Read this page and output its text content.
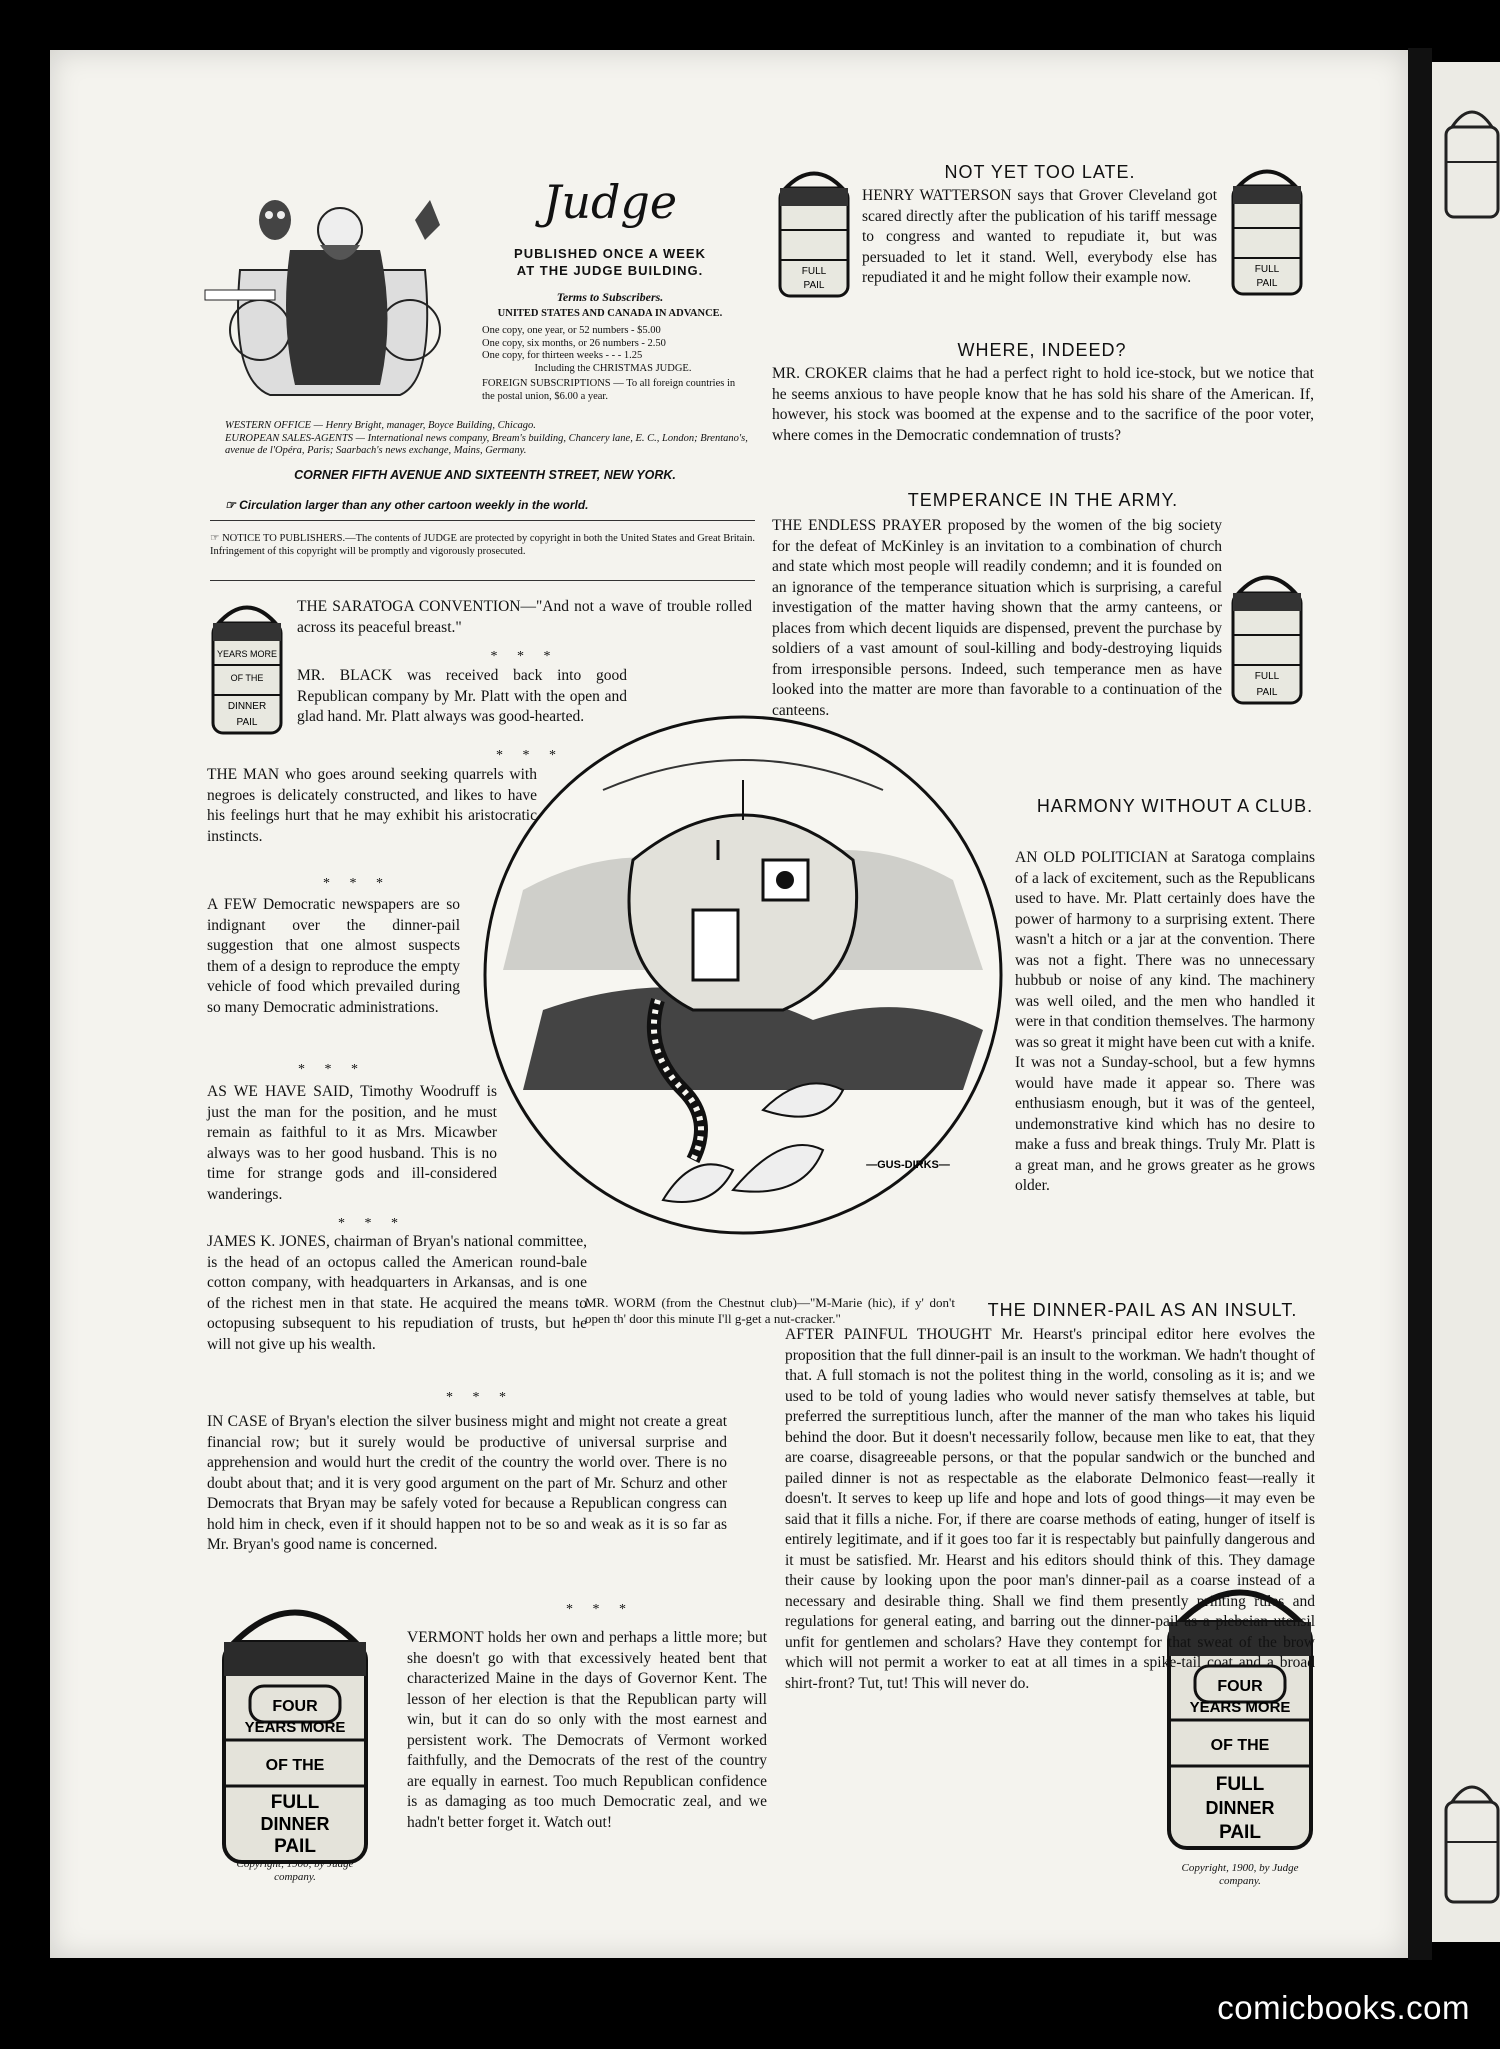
Judge
PUBLISHED ONCE A WEEK
AT THE JUDGE BUILDING.
Terms to Subscribers.
UNITED STATES AND CANADA IN ADVANCE.
One copy, one year, or 52 numbers - $5.00
One copy, six months, or 26 numbers - 2.50
One copy, for thirteen weeks - - - 1.25
Including the CHRISTMAS JUDGE.
FOREIGN SUBSCRIPTIONS — To all foreign countries in the postal union, $6.00 a year.
WESTERN OFFICE — Henry Bright, manager, Boyce Building, Chicago.
EUROPEAN SALES-AGENTS — International news company, Bream's building, Chancery lane, E. C., London; Brentano's, avenue de l'Opéra, Paris; Saarbach's news exchange, Mains, Germany.
CORNER FIFTH AVENUE AND SIXTEENTH STREET, NEW YORK.
☞ Circulation larger than any other cartoon weekly in the world.
☞ NOTICE TO PUBLISHERS.—The contents of JUDGE are protected by copyright in both the United States and Great Britain. Infringement of this copyright will be promptly and vigorously prosecuted.
YEARS MORE
OF THE
DINNER
PAIL
FULL
PAIL
FULL
PAIL
FULL
PAIL
FOUR
YEARS MORE
OF THE
FULL
DINNER
PAIL
Copyright, 1900, by Judge company.
FOUR
YEARS MORE
OF THE
FULL
DINNER
PAIL
Copyright, 1900, by Judge company.
—GUS-DIRKS—
MR. WORM (from the Chestnut club)—"M-Marie (hic), if y' don't open th' door this minute I'll g-get a nut-cracker."

THE SARATOGA CONVENTION—"And not a wave of trouble rolled across its peaceful breast."

* * *

MR. BLACK was received back into good Republican company by Mr. Platt with the open and glad hand. Mr. Platt always was good-hearted.

* * *

THE MAN who goes around seeking quarrels with negroes is delicately constructed, and likes to have his feelings hurt that he may exhibit his aristocratic instincts.

* * *

A FEW Democratic newspapers are so indignant over the dinner-pail suggestion that one almost suspects them of a design to reproduce the empty vehicle of food which prevailed during so many Democratic administrations.

* * *

AS WE HAVE SAID, Timothy Woodruff is just the man for the position, and he must remain as faithful to it as Mrs. Micawber always was to her good husband. This is no time for strange gods and ill-considered wanderings.

* * *

JAMES K. JONES, chairman of Bryan's national committee, is the head of an octopus called the American round-bale cotton company, with headquarters in Arkansas, and is one of the richest men in that state. He acquired the means to octopusing subsequent to his repudiation of trusts, but he will not give up his wealth.

* * *

IN CASE of Bryan's election the silver business might and might not create a great financial row; but it surely would be productive of universal surprise and apprehension and would hurt the credit of the country the world over. There is no doubt about that; and it is very good argument on the part of Mr. Schurz and other Democrats that Bryan may be safely voted for because a Republican congress can hold him in check, even if it should happen not to be so and weak as it is so far as Mr. Bryan's good name is concerned.

* * *

VERMONT holds her own and perhaps a little more; but she doesn't go with that excessively heated bent that characterized Maine in the days of Governor Kent. The lesson of her election is that the Republican party will win, but it can do so only with the most earnest and persistent work. The Democrats of Vermont worked faithfully, and the Democrats of the rest of the country are equally in earnest. Too much Republican confidence is as damaging as too much Democratic zeal, and we hadn't better forget it. Watch out!

NOT YET TOO LATE.

HENRY WATTERSON says that Grover Cleveland got scared directly after the publication of his tariff message to congress and wanted to repudiate it, but was persuaded to let it stand. Well, everybody else has repudiated it and he might follow their example now.

WHERE, INDEED?

MR. CROKER claims that he had a perfect right to hold ice-stock, but we notice that he seems anxious to have people know that he has sold his share of the American. If, however, his stock was boomed at the expense and to the sacrifice of the poor voter, where comes in the Democratic condemnation of trusts?

TEMPERANCE IN THE ARMY.

THE ENDLESS PRAYER proposed by the women of the big society for the defeat of McKinley is an invitation to a combination of church and state which most people will readily condemn; and it is founded on an ignorance of the temperance situation which is surprising, a careful investigation of the matter having shown that the army canteens, or places from which decent liquids are dispensed, prevent the purchase by soldiers of a vast amount of soul-killing and body-destroying liquids from irresponsible persons. Indeed, such temperance men as have looked into the matter are more than favorable to a continuation of the canteens.

HARMONY WITHOUT A CLUB.

AN OLD POLITICIAN at Saratoga complains of a lack of excitement, such as the Republicans used to have. Mr. Platt certainly does have the power of harmony to a surprising extent. There wasn't a hitch or a jar at the convention. There was not a fight. There was no unnecessary hubbub or noise of any kind. The machinery was well oiled, and the men who handled it were in that condition themselves. The harmony was so great it might have been cut with a knife. It was not a Sunday-school, but a few hymns would have made it appear so. There was enthusiasm enough, but it was of the genteel, undemonstrative kind which has no desire to make a fuss and break things. Truly Mr. Platt is a great man, and he grows greater as he grows older.

THE DINNER-PAIL AS AN INSULT.

AFTER PAINFUL THOUGHT Mr. Hearst's principal editor here evolves the proposition that the full dinner-pail is an insult to the workman. We hadn't thought of that. A full stomach is not the politest thing in the world, consoling as it is; and we used to be told of young ladies who would never satisfy themselves at table, but preferred the surreptitious lunch, after the manner of the man who takes his liquid behind the door. But it doesn't necessarily follow, because men like to eat, that they are coarse, disagreeable persons, or that the popular sandwich or the bunched and pailed dinner is not as respectable as the elaborate Delmonico feast—really it doesn't. It serves to keep up life and hope and lots of good things—it may even be said that it fills a niche. For, if there are coarse methods of eating, hunger of itself is entirely legitimate, and if it goes too far it is respectably but painfully dangerous and it must be satisfied. Mr. Hearst and his editors should think of this. They damage their cause by looking upon the poor man's dinner-pail as a coarse instead of a necessary and desirable thing. Shall we find them presently printing rules and regulations for general eating, and barring out the dinner-pail as a plebeian utensil unfit for gentlemen and scholars? Have they contempt for that sweat of the brow which will not permit a worker to eat at all times in a spike-tail coat and a broad shirt-front? Tut, tut! This will never do.

comicbooks.com
